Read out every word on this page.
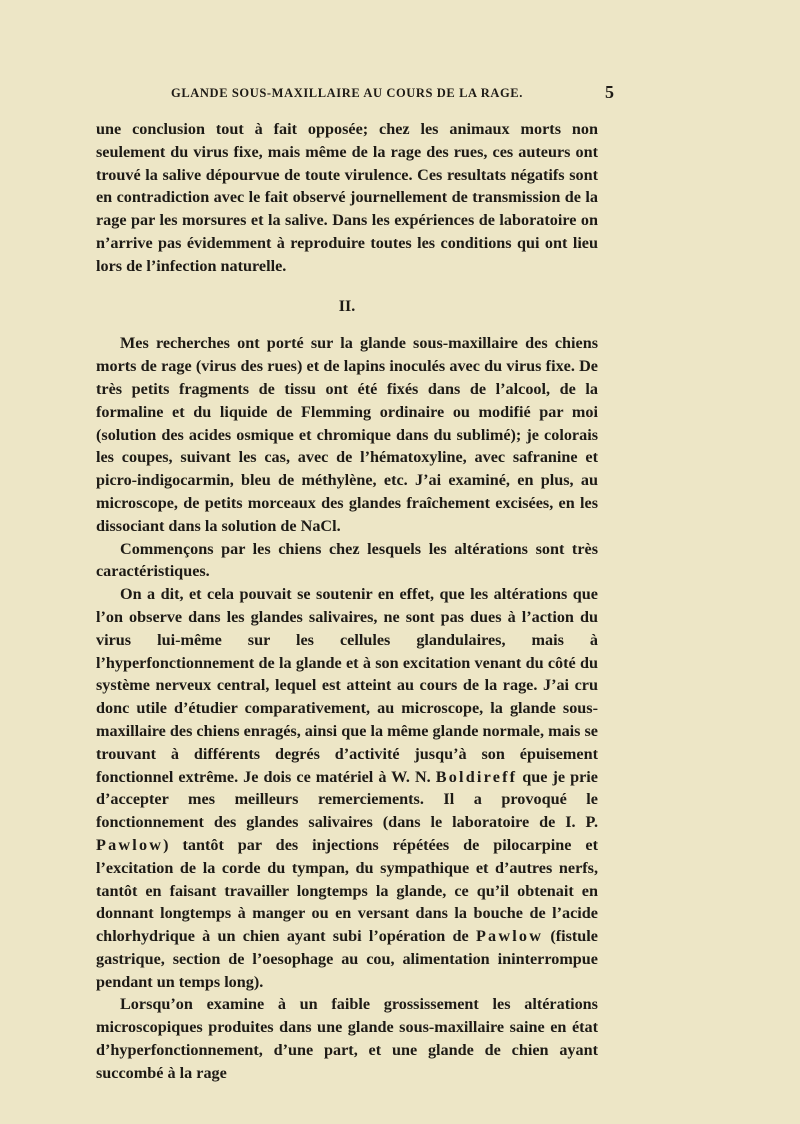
GLANDE SOUS-MAXILLAIRE AU COURS DE LA RAGE.	5

une conclusion tout à fait opposée; chez les animaux morts non seulement du virus fixe, mais même de la rage des rues, ces auteurs ont trouvé la salive dépourvue de toute virulence. Ces resultats négatifs sont en contradiction avec le fait observé journellement de transmission de la rage par les morsures et la salive. Dans les expériences de laboratoire on n’arrive pas évidemment à reproduire toutes les conditions qui ont lieu lors de l’infection naturelle.

II.

Mes recherches ont porté sur la glande sous-maxillaire des chiens morts de rage (virus des rues) et de lapins inoculés avec du virus fixe. De très petits fragments de tissu ont été fixés dans de l’alcool, de la formaline et du liquide de Flemming ordinaire ou modifié par moi (solution des acides osmique et chromique dans du sublimé); je colorais les coupes, suivant les cas, avec de l’hématoxyline, avec safranine et picro-indigocarmin, bleu de méthylène, etc. J’ai examiné, en plus, au microscope, de petits morceaux des glandes fraîchement excisées, en les dissociant dans la solution de NaCl.

Commençons par les chiens chez lesquels les altérations sont très caractéristiques.

On a dit, et cela pouvait se soutenir en effet, que les altérations que l’on observe dans les glandes salivaires, ne sont pas dues à l’action du virus lui-même sur les cellules glandulaires, mais à l’hyperfonctionnement de la glande et à son excitation venant du côté du système nerveux central, lequel est atteint au cours de la rage. J’ai cru donc utile d’étudier comparativement, au microscope, la glande sous-maxillaire des chiens enragés, ainsi que la même glande normale, mais se trouvant à différents degrés d’activité jusqu’à son épuisement fonctionnel extrême. Je dois ce matériel à W. N. Boldireff que je prie d’accepter mes meilleurs remerciements. Il a provoqué le fonctionnement des glandes salivaires (dans le laboratoire de I. P. Pawlow) tantôt par des injections répétées de pilocarpine et l’excitation de la corde du tympan, du sympathique et d’autres nerfs, tantôt en faisant travailler longtemps la glande, ce qu’il obtenait en donnant longtemps à manger ou en versant dans la bouche de l’acide chlorhydrique à un chien ayant subi l’opération de Pawlow (fistule gastrique, section de l’oesophage au cou, alimentation ininterrompue pendant un temps long).

Lorsqu’on examine à un faible grossissement les altérations microscopiques produites dans une glande sous-maxillaire saine en état d’hyperfonctionnement, d’une part, et une glande de chien ayant succombé à la rage
